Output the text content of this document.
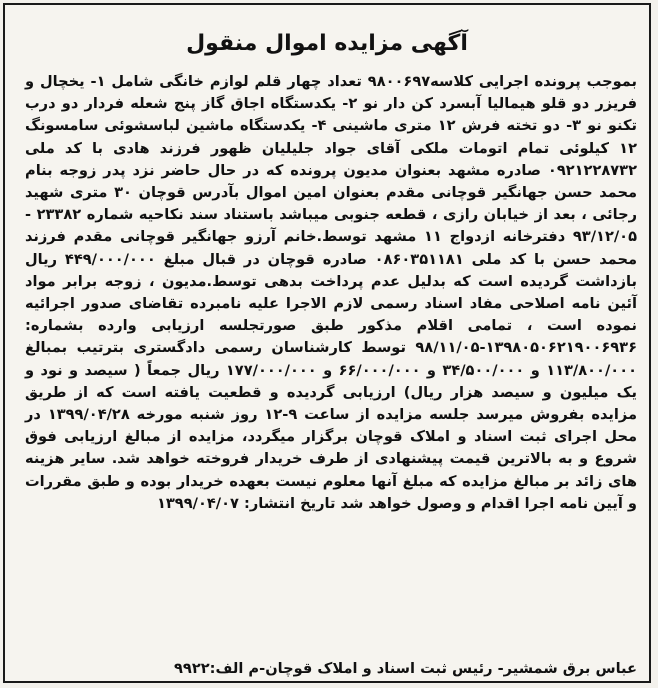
آگهی مزایده اموال منقول

بموجب پرونده اجرایی کلاسه۹۸۰۰۶۹۷ تعداد چهار قلم لوازم خانگی شامل ۱- یخچال و فریزر دو قلو هیمالیا آبسرد کن دار نو ۲- یکدستگاه اجاق گاز پنج شعله فردار دو درب تکنو نو ۳- دو تخته فرش ۱۲ متری ماشینی ۴- یکدستگاه ماشین لباسشوئی سامسونگ ۱۲ کیلوئی تمام اتومات ملکی آقای جواد جلیلیان ظهور فرزند هادی با کد ملی ۰۹۲۱۲۲۸۷۳۲ صادره مشهد بعنوان مدیون پرونده که در حال حاضر نزد پدر زوجه بنام محمد حسن جهانگیر قوچانی مقدم بعنوان امین اموال بآدرس قوچان ۳۰ متری شهید رجائی ، بعد از خیابان رازی ، قطعه جنوبی میباشد باستناد سند نکاحیه شماره ۲۳۳۸۲ - ۹۳/۱۲/۰۵ دفترخانه ازدواج ۱۱ مشهد توسط.خانم آرزو جهانگیر قوچانی مقدم فرزند محمد حسن با کد ملی ۰۸۶۰۳۵۱۱۸۱ صادره قوچان در قبال مبلغ ۴۴۹/۰۰۰/۰۰۰ ریال بازداشت گردیده است که بدلیل عدم پرداخت بدهی توسط.مدیون ، زوجه برابر مواد آئین نامه اصلاحی مفاد اسناد رسمی لازم الاجرا علیه نامبرده تقاضای صدور اجرائیه نموده است ، تمامی اقلام مذکور طبق صورتجلسه ارزیابی وارده بشماره: ۱۳۹۸۰۵۰۶۲۱۹۰۰۶۹۳۶-۹۸/۱۱/۰۵ توسط کارشناسان رسمی دادگستری بترتیب بمبالغ ۱۱۳/۸۰۰/۰۰۰ و ۳۴/۵۰۰/۰۰۰ و ۶۶/۰۰۰/۰۰۰ و ۱۷۷/۰۰۰/۰۰۰ ریال جمعاً ( سیصد و نود و یک میلیون و سیصد هزار ریال) ارزیابی گردیده و قطعیت یافته است که از طریق مزایده بفروش میرسد جلسه مزایده از ساعت ۹-۱۲ روز شنبه مورخه ۱۳۹۹/۰۴/۲۸ در محل اجرای ثبت اسناد و املاک قوچان برگزار میگردد، مزایده از مبالغ ارزیابی فوق شروع و به بالاترین قیمت پیشنهادی از طرف خریدار فروخته خواهد شد. سایر هزینه های زائد بر مبالغ مزایده که مبلغ آنها معلوم نیست بعهده خریدار بوده و طبق مقررات و آیین نامه اجرا اقدام و وصول خواهد شد تاریخ انتشار: ۱۳۹۹/۰۴/۰۷

عباس برق شمشیر- رئیس ثبت اسناد و املاک قوچان-م الف:۹۹۲۲
